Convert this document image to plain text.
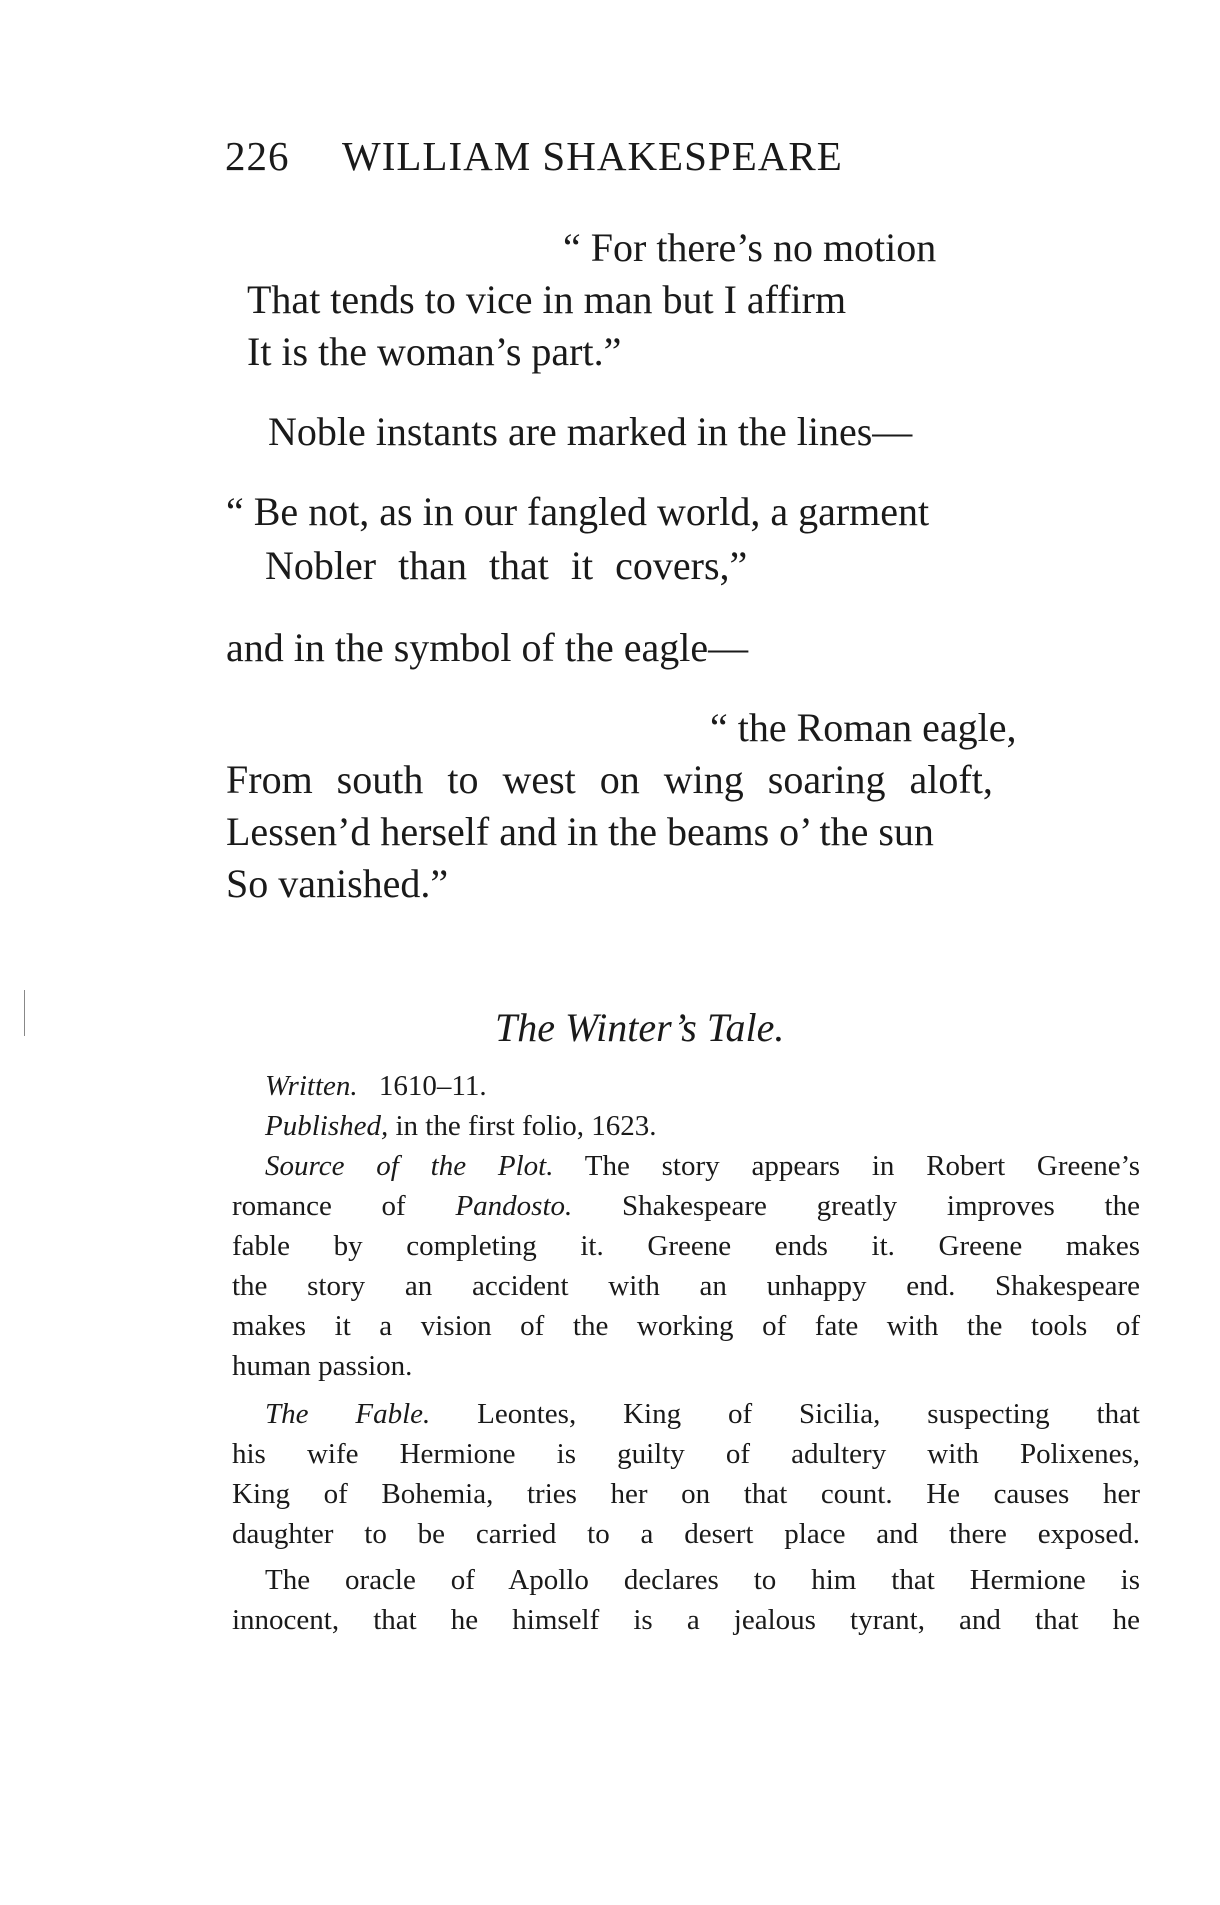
226 WILLIAM SHAKESPEARE
“ For there’s no motion
That tends to vice in man but I affirm
It is the woman’s part.”
Noble instants are marked in the lines—
“ Be not, as in our fangled world, a garment
Nobler than that it covers,”
and in the symbol of the eagle—
“ the Roman eagle,
From south to west on wing soaring aloft,
Lessen’d herself and in the beams o’ the sun
So vanished.”
The Winter’s Tale.
Written. 1610–11.
Published, in the first folio, 1623.
Source of the Plot. The story appears in Robert Greene’s
romance of Pandosto. Shakespeare greatly improves the
fable by completing it. Greene ends it. Greene makes
the story an accident with an unhappy end. Shakespeare
makes it a vision of the working of fate with the tools of
human passion.
The Fable. Leontes, King of Sicilia, suspecting that
his wife Hermione is guilty of adultery with Polixenes,
King of Bohemia, tries her on that count. He causes her
daughter to be carried to a desert place and there exposed.
The oracle of Apollo declares to him that Hermione is
innocent, that he himself is a jealous tyrant, and that he
